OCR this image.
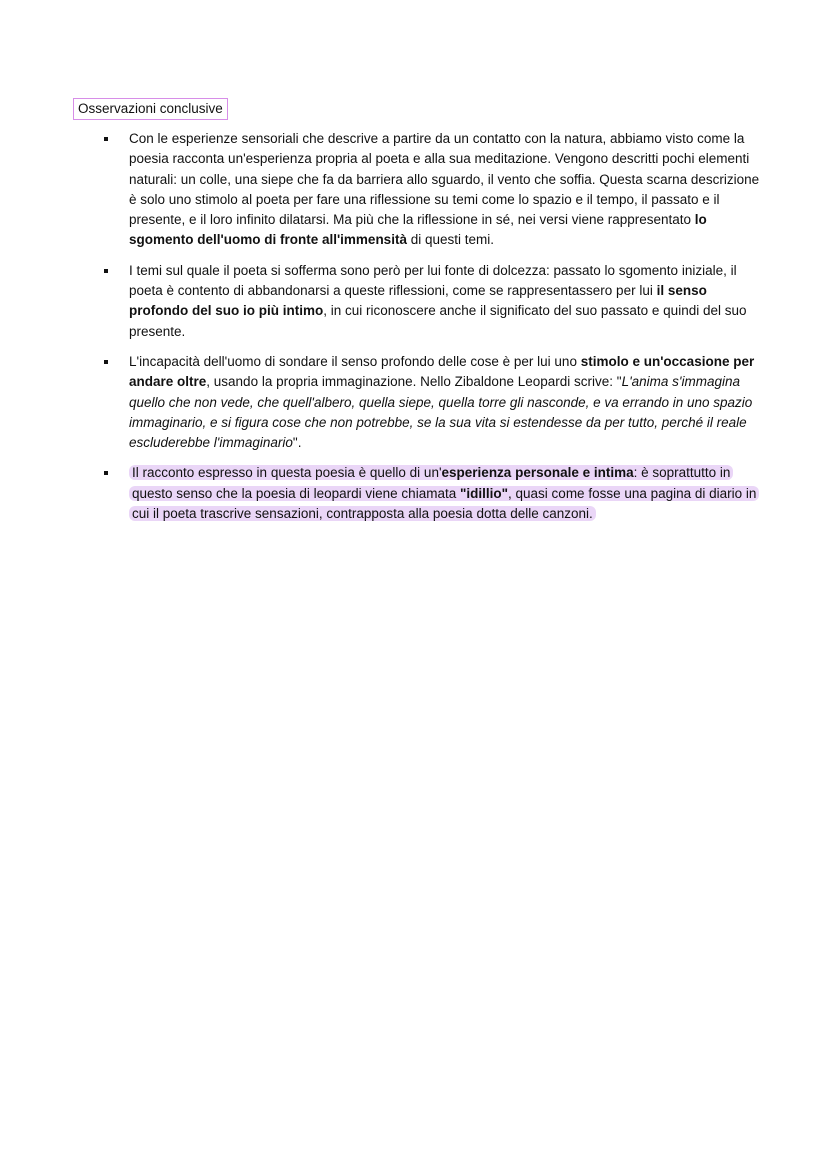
Osservazioni conclusive
Con le esperienze sensoriali che descrive a partire da un contatto con la natura, abbiamo visto come la poesia racconta un'esperienza propria al poeta e alla sua meditazione. Vengono descritti pochi elementi naturali: un colle, una siepe che fa da barriera allo sguardo, il vento che soffia. Questa scarna descrizione è solo uno stimolo al poeta per fare una riflessione su temi come lo spazio e il tempo, il passato e il presente, e il loro infinito dilatarsi. Ma più che la riflessione in sé, nei versi viene rappresentato lo sgomento dell'uomo di fronte all'immensità di questi temi.
I temi sul quale il poeta si sofferma sono però per lui fonte di dolcezza: passato lo sgomento iniziale, il poeta è contento di abbandonarsi a queste riflessioni, come se rappresentassero per lui il senso profondo del suo io più intimo, in cui riconoscere anche il significato del suo passato e quindi del suo presente.
L'incapacità dell'uomo di sondare il senso profondo delle cose è per lui uno stimolo e un'occasione per andare oltre, usando la propria immaginazione. Nello Zibaldone Leopardi scrive: "L'anima s'immagina quello che non vede, che quell'albero, quella siepe, quella torre gli nasconde, e va errando in uno spazio immaginario, e si figura cose che non potrebbe, se la sua vita si estendesse da per tutto, perché il reale escluderebbe l'immaginario".
Il racconto espresso in questa poesia è quello di un'esperienza personale e intima: è soprattutto in questo senso che la poesia di leopardi viene chiamata "idillio", quasi come fosse una pagina di diario in cui il poeta trascrive sensazioni, contrapposta alla poesia dotta delle canzoni.
